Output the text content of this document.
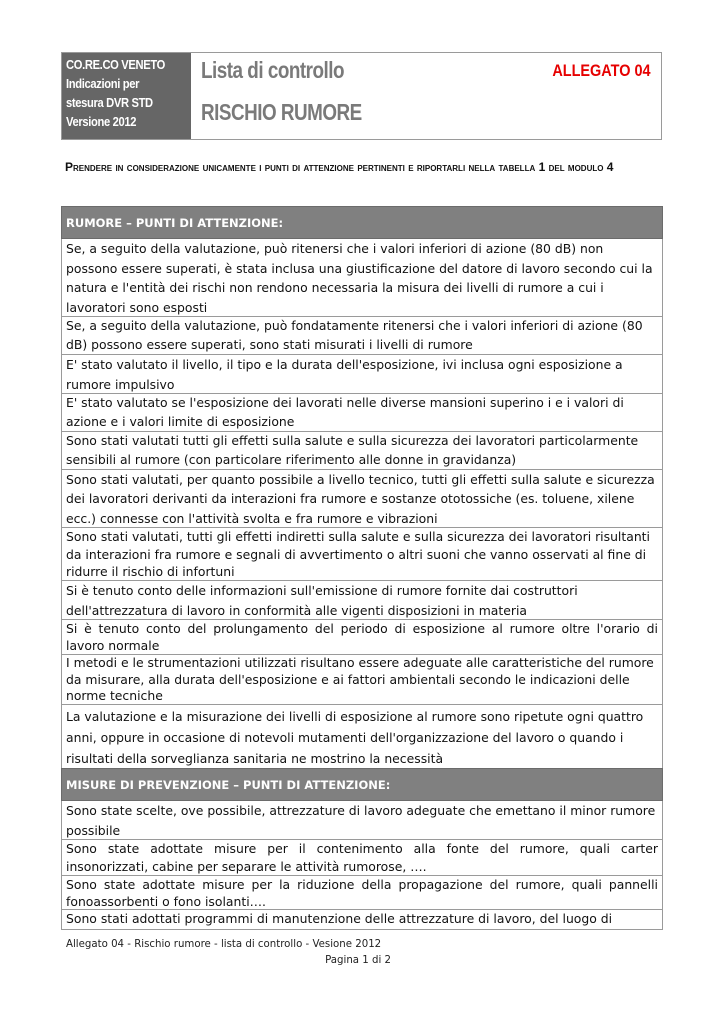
CO.RE.CO VENETO
Indicazioni per
stesura DVR STD
Versione 2012
Lista di controllo
RISCHIO RUMORE
ALLEGATO 04
Prendere in considerazione unicamente i punti di attenzione pertinenti e riportarli nella tabella 1 del modulo 4
RUMORE – PUNTI DI ATTENZIONE:
Se, a seguito della valutazione, può ritenersi che i valori inferiori di azione (80 dB) non possono essere superati, è stata inclusa una giustificazione del datore di lavoro secondo cui la natura e l'entità dei rischi non rendono necessaria la misura dei livelli di rumore a cui i lavoratori sono esposti
Se, a seguito della valutazione, può fondatamente ritenersi che i valori inferiori di azione (80 dB) possono essere superati, sono stati misurati i livelli di rumore
E' stato valutato il livello, il tipo e la durata dell'esposizione, ivi inclusa ogni esposizione a rumore impulsivo
E' stato valutato se l'esposizione dei lavorati nelle diverse mansioni superino i e i valori di azione e i valori limite di esposizione
Sono stati valutati tutti gli effetti sulla salute e sulla sicurezza dei lavoratori particolarmente sensibili al rumore (con particolare riferimento alle donne in gravidanza)
Sono stati valutati, per quanto possibile a livello tecnico, tutti gli effetti sulla salute e sicurezza dei lavoratori derivanti da interazioni fra rumore e sostanze ototossiche (es. toluene, xilene ecc.) connesse con l'attività svolta e fra rumore e vibrazioni
Sono stati valutati, tutti gli effetti indiretti sulla salute e sulla sicurezza dei lavoratori risultanti da interazioni fra rumore e segnali di avvertimento o altri suoni che vanno osservati al fine di ridurre il rischio di infortuni
Si è tenuto conto delle informazioni sull'emissione di rumore fornite dai costruttori dell'attrezzatura di lavoro in conformità alle vigenti disposizioni in materia
Si è tenuto conto del prolungamento del periodo di esposizione al rumore oltre l'orario di lavoro normale
I metodi e le strumentazioni utilizzati risultano essere adeguate alle caratteristiche del rumore da misurare, alla durata dell'esposizione e ai fattori ambientali secondo le indicazioni delle norme tecniche
La valutazione e la misurazione dei livelli di esposizione al rumore sono ripetute ogni quattro anni, oppure in occasione di notevoli mutamenti dell'organizzazione del lavoro o quando i risultati della sorveglianza sanitaria ne mostrino la necessità
MISURE DI PREVENZIONE – PUNTI DI ATTENZIONE:
Sono state scelte, ove possibile, attrezzature di lavoro adeguate che emettano il minor rumore possibile
Sono state adottate misure per il contenimento alla fonte del rumore, quali carter insonorizzati, cabine per separare le attività rumorose, ….
Sono state adottate misure per la riduzione della propagazione del rumore, quali pannelli fonoassorbenti o fono isolanti….
Sono stati adottati programmi di manutenzione delle attrezzature di lavoro, del luogo di
Allegato 04 - Rischio rumore - lista di controllo - Vesione 2012
Pagina 1 di 2
